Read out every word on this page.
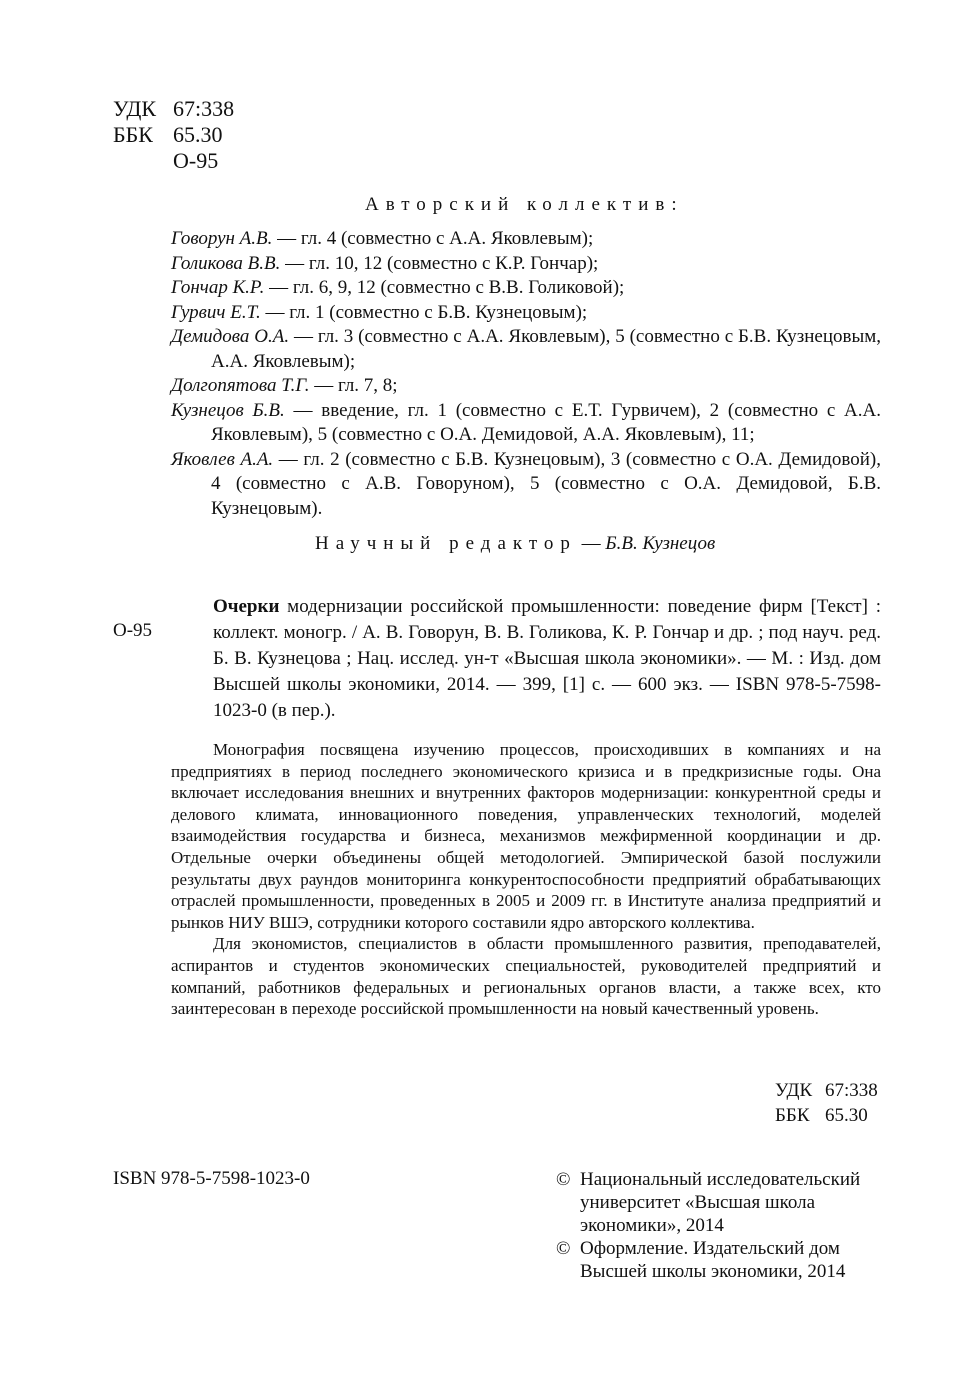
УДК 67:338
ББК 65.30
О-95
Авторский коллектив:
Говорун А.В. — гл. 4 (совместно с А.А. Яковлевым);
Голикова В.В. — гл. 10, 12 (совместно с К.Р. Гончар);
Гончар К.Р. — гл. 6, 9, 12 (совместно с В.В. Голиковой);
Гурвич Е.Т. — гл. 1 (совместно с Б.В. Кузнецовым);
Демидова О.А. — гл. 3 (совместно с А.А. Яковлевым), 5 (совместно с Б.В. Кузнецовым, А.А. Яковлевым);
Долгопятова Т.Г. — гл. 7, 8;
Кузнецов Б.В. — введение, гл. 1 (совместно с Е.Т. Гурвичем), 2 (совместно с А.А. Яковлевым), 5 (совместно с О.А. Демидовой, А.А. Яковлевым), 11;
Яковлев А.А. — гл. 2 (совместно с Б.В. Кузнецовым), 3 (совместно с О.А. Демидовой), 4 (совместно с А.В. Говоруном), 5 (совместно с О.А. Демидовой, Б.В. Кузнецовым).
Научный редактор — Б.В. Кузнецов
О-95
Очерки модернизации российской промышленности: поведение фирм [Текст] : коллект. моногр. / А. В. Говорун, В. В. Голикова, К. Р. Гончар и др. ; под науч. ред. Б. В. Кузнецова ; Нац. исслед. ун-т «Высшая школа экономики». — М. : Изд. дом Высшей школы экономики, 2014. — 399, [1] с. — 600 экз. — ISBN 978-5-7598-1023-0 (в пер.).

Монография посвящена изучению процессов, происходивших в компаниях и на предприятиях в период последнего экономического кризиса и в предкризисные годы. Она включает исследования внешних и внутренних факторов модернизации: конкурентной среды и делового климата, инновационного поведения, управленческих технологий, моделей взаимодействия государства и бизнеса, механизмов межфирменной координации и др. Отдельные очерки объединены общей методологией. Эмпирической базой послужили результаты двух раундов мониторинга конкурентоспособности предприятий обрабатывающих отраслей промышленности, проведенных в 2005 и 2009 гг. в Институте анализа предприятий и рынков НИУ ВШЭ, сотрудники которого составили ядро авторского коллектива.

Для экономистов, специалистов в области промышленного развития, преподавателей, аспирантов и студентов экономических специальностей, руководителей предприятий и компаний, работников федеральных и региональных органов власти, а также всех, кто заинтересован в переходе российской промышленности на новый качественный уровень.

УДК 67:338
ББК 65.30
ISBN 978-5-7598-1023-0	© Национальный исследовательский университет «Высшая школа экономики», 2014
© Оформление. Издательский дом Высшей школы экономики, 2014
